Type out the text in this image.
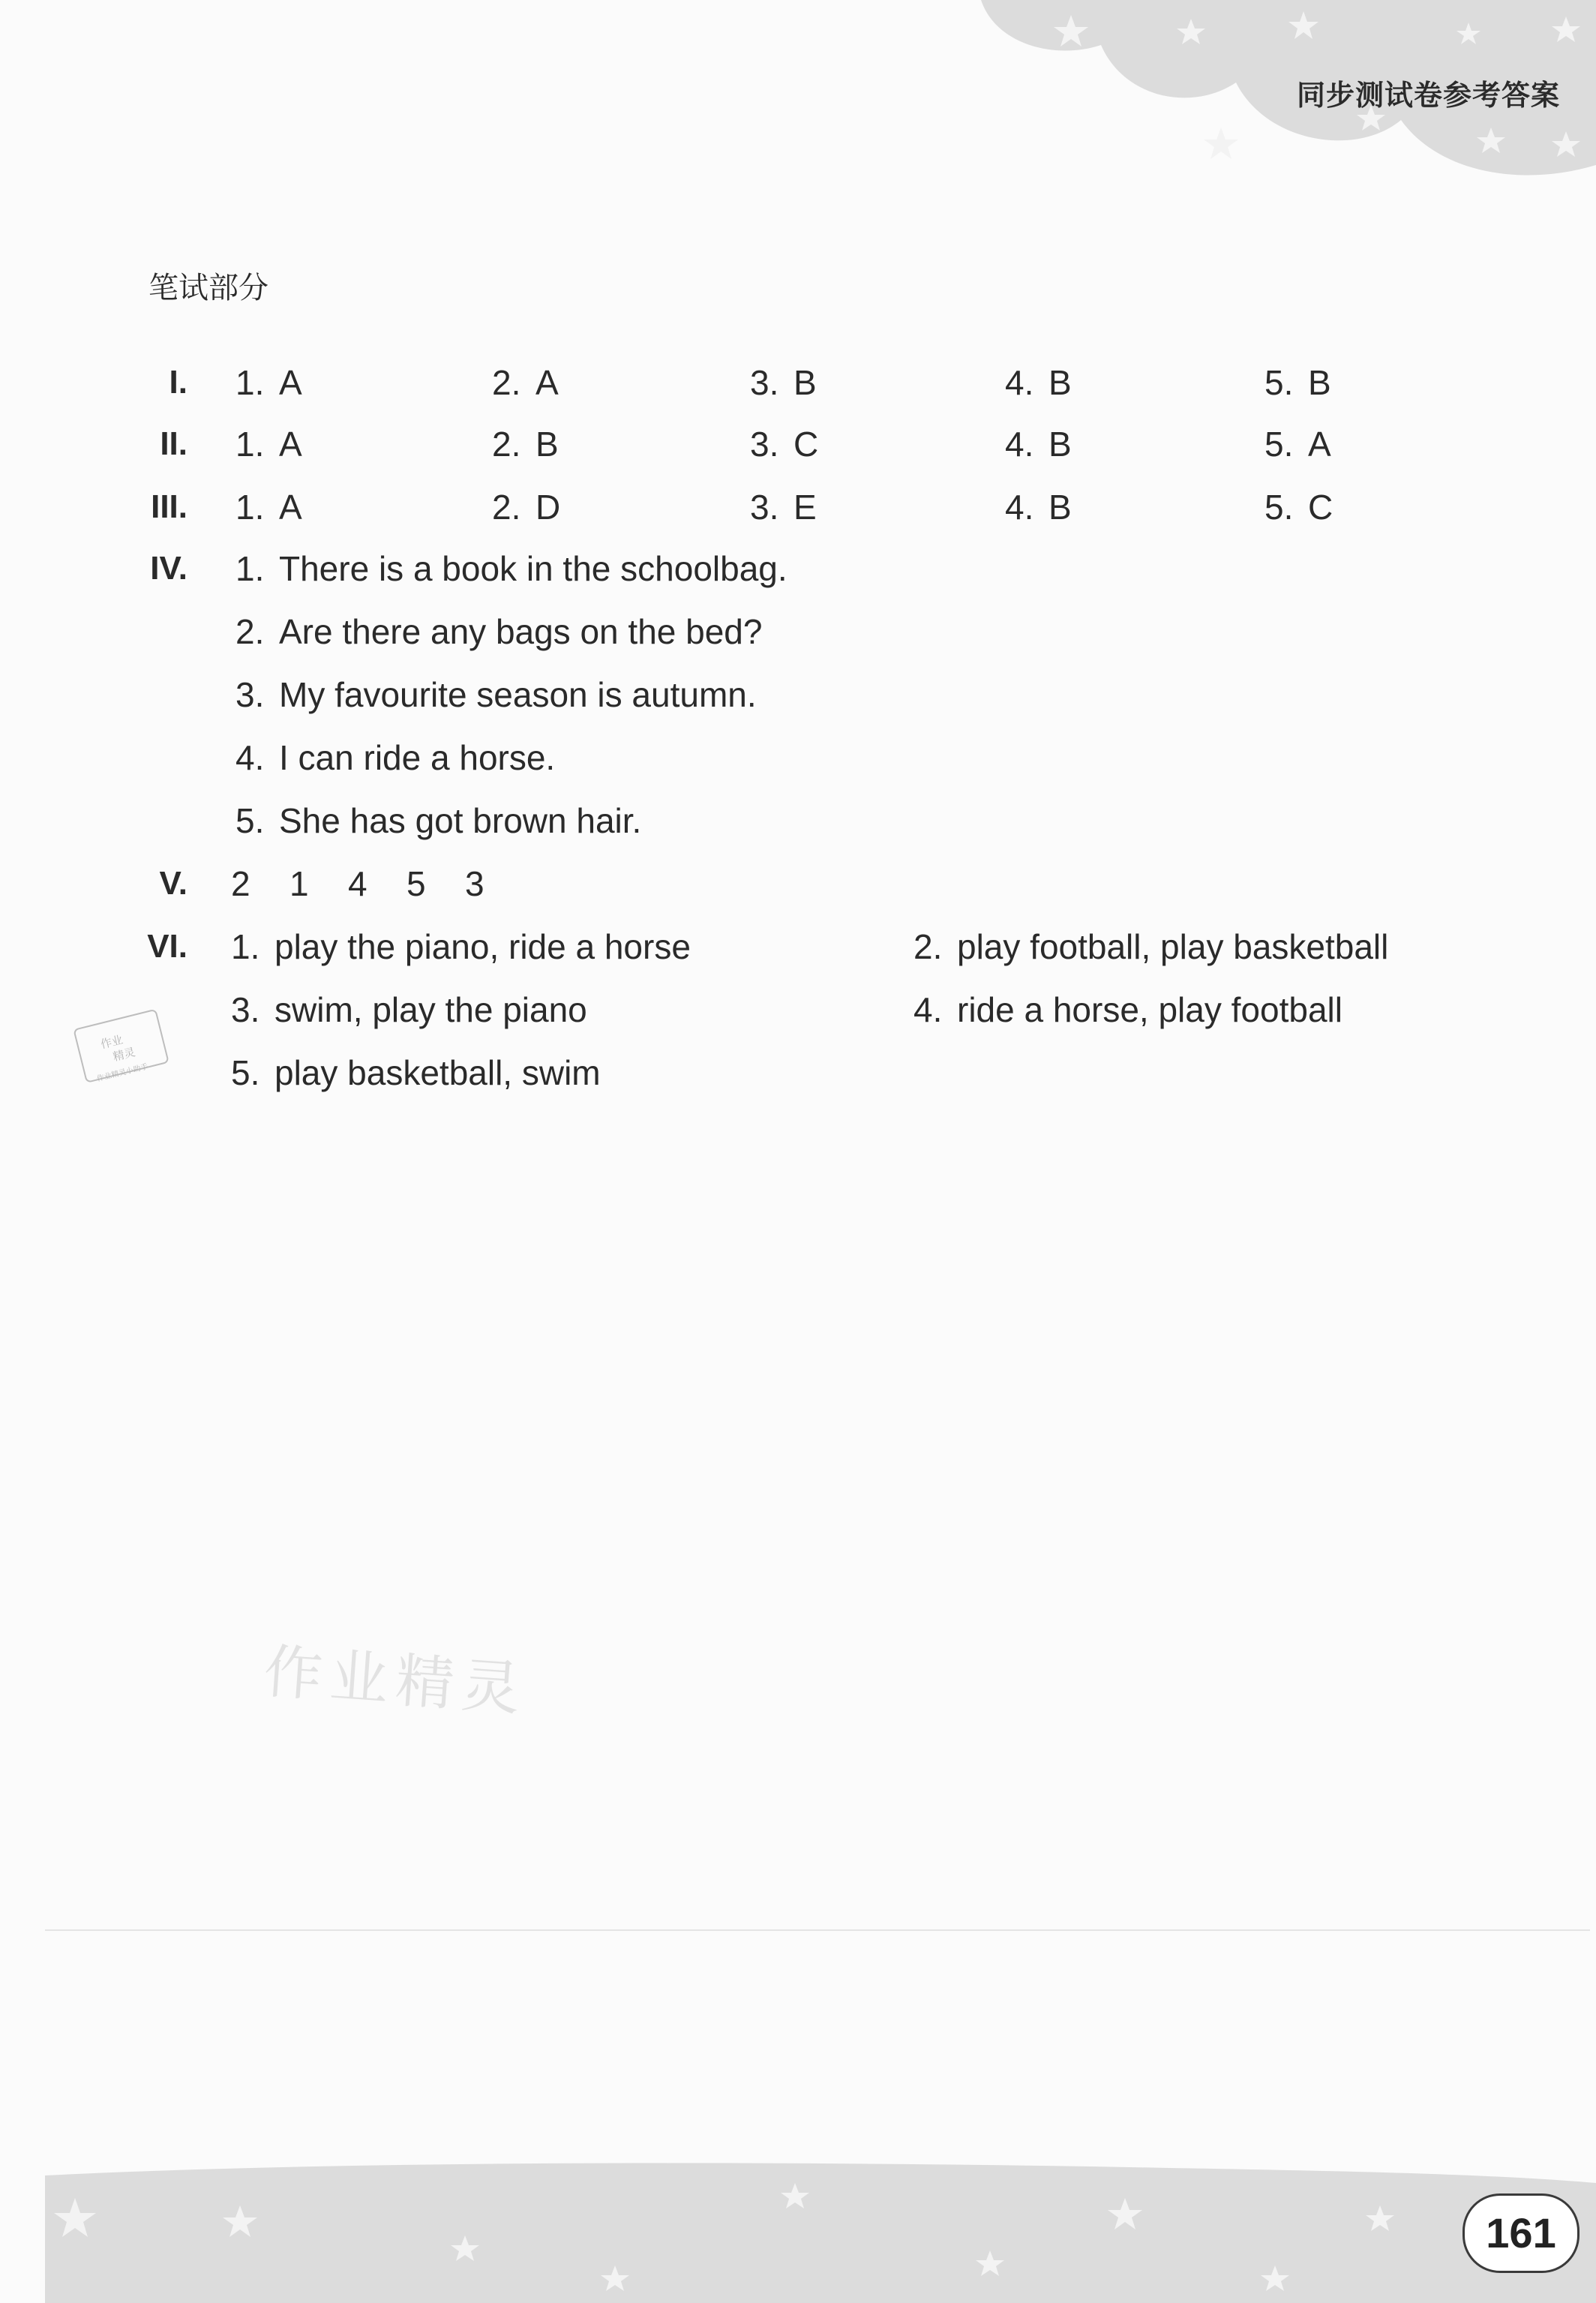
同步测试卷参考答案
笔试部分
I. 1. A	2. A	3. B	4. B	5. B
II. 1. A	2. B	3. C	4. B	5. A
III. 1. A	2. D	3. E	4. B	5. C
IV. 1. There is a book in the schoolbag.
2. Are there any bags on the bed?
3. My favourite season is autumn.
4. I can ride a horse.
5. She has got brown hair.
V. 2 1 4 5 3
VI. 1. play the piano, ride a horse	2. play football, play basketball
3. swim, play the piano	4. ride a horse, play football
5. play basketball, swim
作业
精灵
作业精灵小助手
作业精灵
161
